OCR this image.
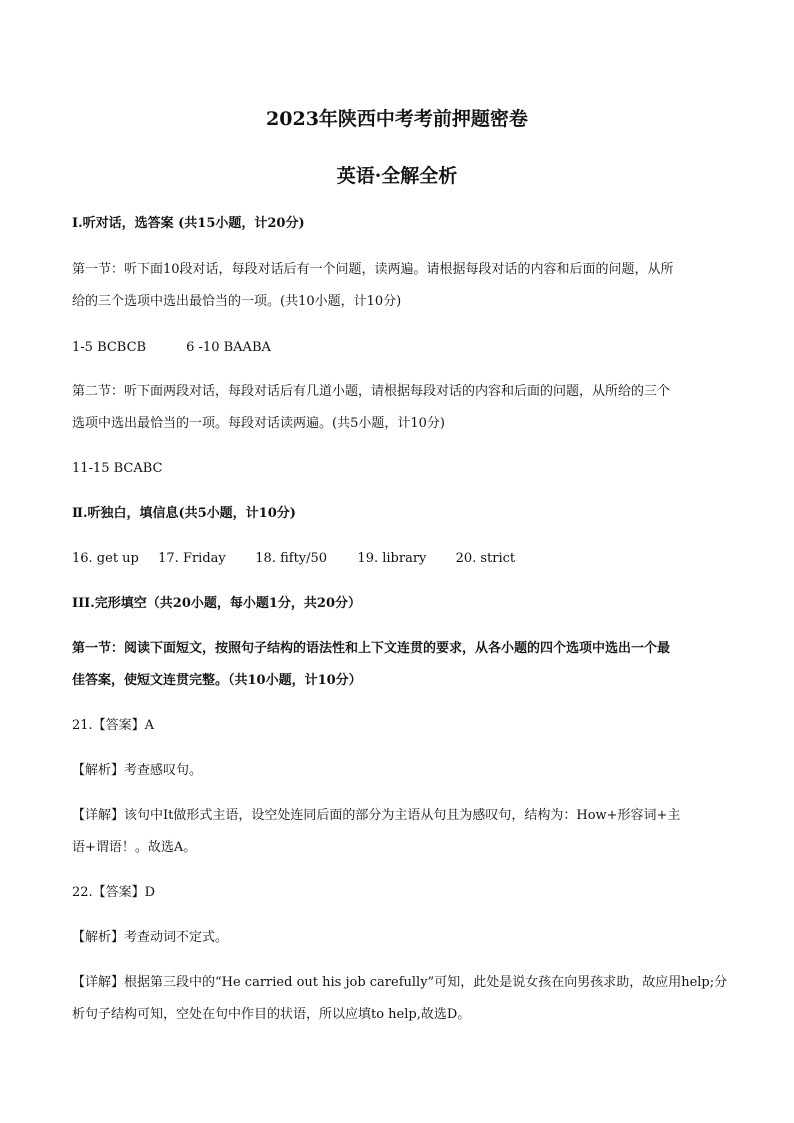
2023年陕西中考考前押题密卷
英语·全解全析
Ⅰ.听对话，选答案 (共15小题，计20分)
第一节：听下面10段对话，每段对话后有一个问题，读两遍。请根据每段对话的内容和后面的问题，从所
给的三个选项中选出最恰当的一项。(共10小题，计10分)
1-5 BCBCB	6 -10 BAABA
第二节：听下面两段对话，每段对话后有几道小题，请根据每段对话的内容和后面的问题，从所给的三个
选项中选出最恰当的一项。每段对话读两遍。(共5小题，计10分)
11-15 BCABC
Ⅱ.听独白，填信息(共5小题，计10分)
16. get up 17. Friday 18. fifty/50 19. library 20. strict
III.完形填空（共20小题，每小题1分，共20分）
第一节：阅读下面短文，按照句子结构的语法性和上下文连贯的要求，从各小题的四个选项中选出一个最
佳答案，使短文连贯完整。（共10小题，计10分）
21.【答案】A
【解析】考查感叹句。
【详解】该句中It做形式主语，设空处连同后面的部分为主语从句且为感叹句，结构为：How+形容词+主
语+谓语！。故选A。
22.【答案】D
【解析】考查动词不定式。
【详解】根据第三段中的“He carried out his job carefully”可知，此处是说女孩在向男孩求助，故应用help;分
析句子结构可知，空处在句中作目的状语，所以应填to help,故选D。
